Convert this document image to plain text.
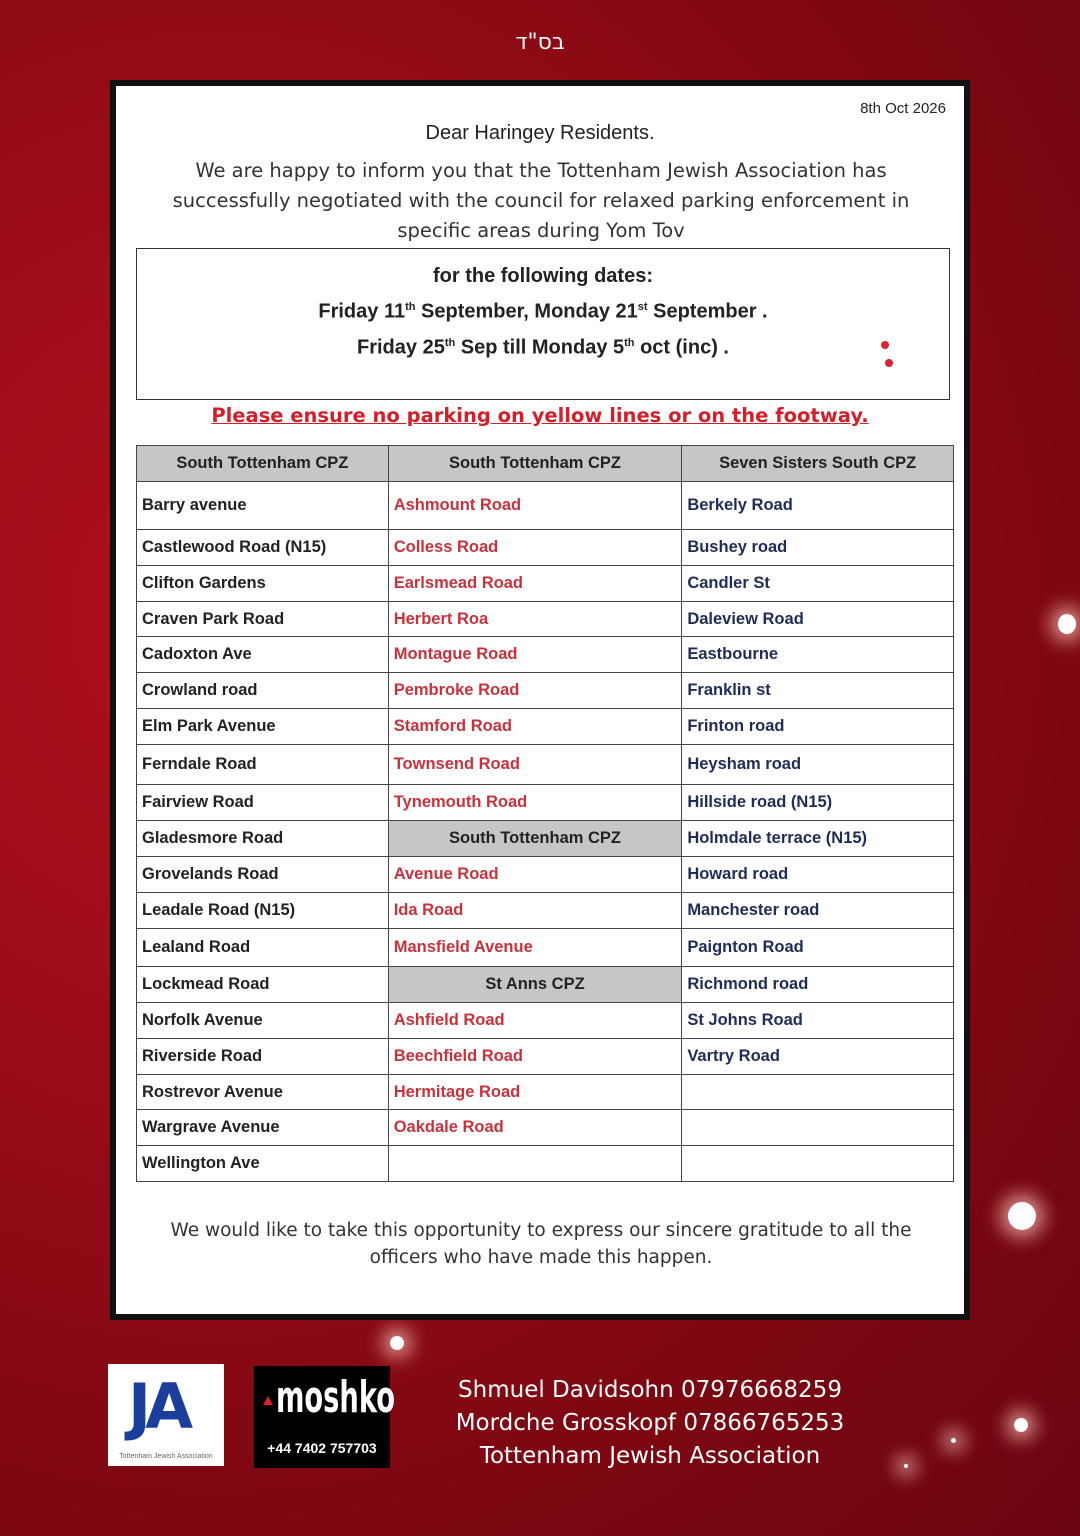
בס"ד
8th Oct 2026
Dear Haringey Residents.
We are happy to inform you that the Tottenham Jewish Association has successfully negotiated with the council for relaxed parking enforcement in specific areas during Yom Tov
for the following dates:
Friday 11th September, Monday 21st September .
Friday 25th Sep till Monday 5th oct (inc) .
Please ensure no parking on yellow lines or on the footway.
South Tottenham CPZ	South Tottenham CPZ	Seven Sisters South CPZ
Barry avenue	Ashmount Road	Berkely Road
Castlewood Road (N15)	Colless Road	Bushey road
Clifton Gardens	Earlsmead Road	Candler St
Craven Park Road	Herbert Roa	Daleview Road
Cadoxton Ave	Montague Road	Eastbourne
Crowland road	Pembroke Road	Franklin st
Elm Park Avenue	Stamford Road	Frinton road
Ferndale Road	Townsend Road	Heysham road
Fairview Road	Tynemouth Road	Hillside road (N15)
Gladesmore Road	South Tottenham CPZ	Holmdale terrace (N15)
Grovelands Road	Avenue Road	Howard road
Leadale Road (N15)	Ida Road	Manchester road
Lealand Road	Mansfield Avenue	Paignton Road
Lockmead Road	St Anns CPZ	Richmond road
Norfolk Avenue	Ashfield Road	St Johns Road
Riverside Road	Beechfield Road	Vartry Road
Rostrevor Avenue	Hermitage Road	
Wargrave Avenue	Oakdale Road	
Wellington Ave		
We would like to take this opportunity to express our sincere gratitude to all the officers who have made this happen.
JA
Tottenham Jewish Association
moshko
+44 7402 757703
Shmuel Davidsohn 07976668259
Mordche Grosskopf 07866765253
Tottenham Jewish Association
